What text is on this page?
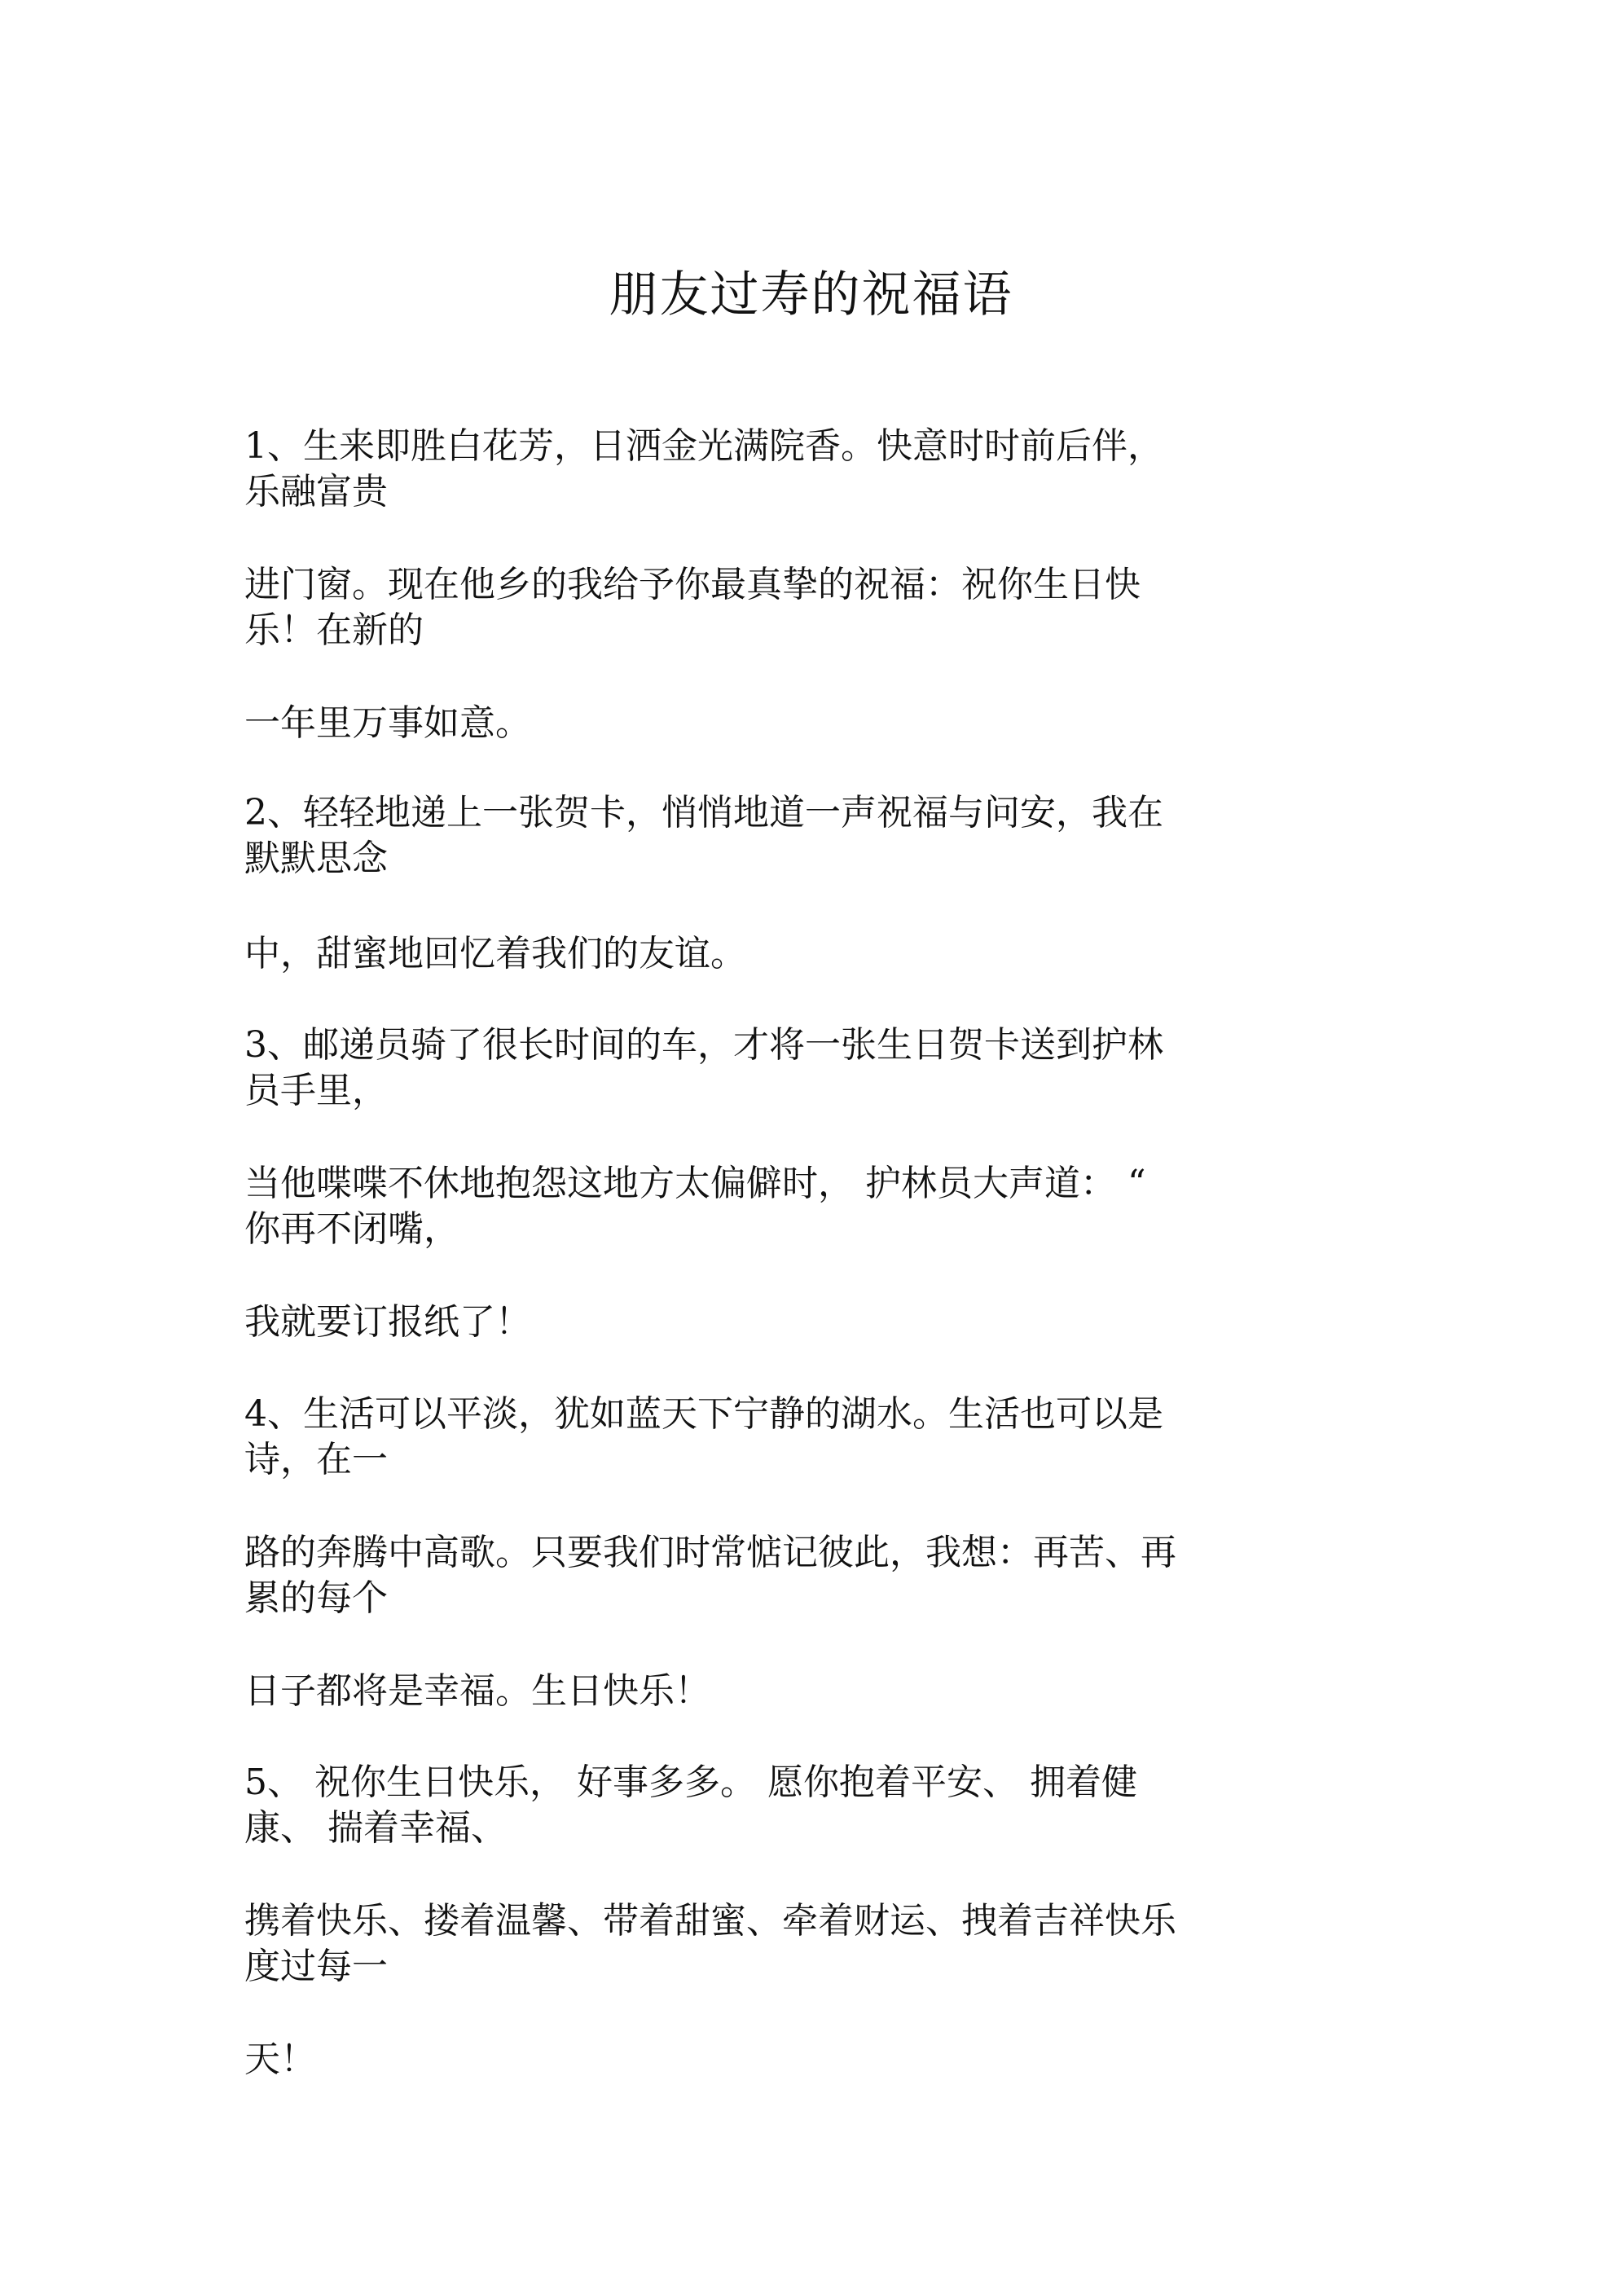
朋友过寿的祝福语

1、生来即胜白花芳，日洒金光满院香。快意时时前后伴，
乐融富贵

进门窗。现在他乡的我给予你最真挚的祝福：祝你生日快
乐！在新的

一年里万事如意。

2、轻轻地递上一张贺卡，悄悄地道一声祝福与问安，我在
默默思念

中，甜蜜地回忆着我们的友谊。

3、邮递员骑了很长时间的车，才将一张生日贺卡送到护林
员手里，

当他喋喋不休地抱怨这地方太偏僻时， 护林员大声道： “
你再不闭嘴，

我就要订报纸了！

4、生活可以平淡，犹如蓝天下宁静的湖水。生活也可以是
诗，在一

路的奔腾中高歌。只要我们时常惦记彼此，我想：再苦、再
累的每个

日子都将是幸福。生日快乐！

5、 祝你生日快乐， 好事多多。 愿你抱着平安、 拥着健
康、 揣着幸福、

携着快乐、搂着温馨、带着甜蜜、牵着财运、拽着吉祥快乐
度过每一

天！
